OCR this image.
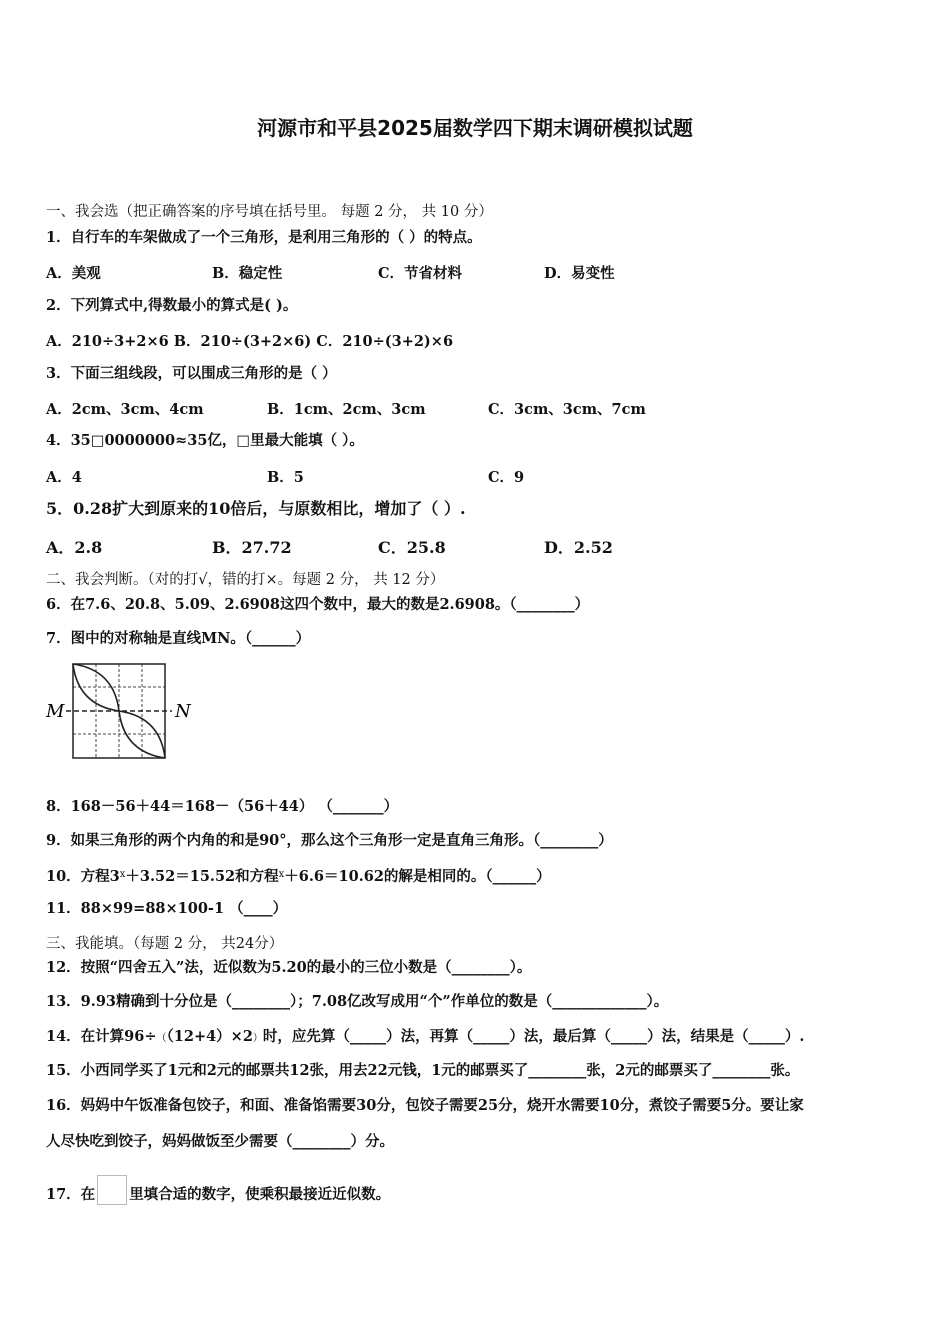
河源市和平县2025届数学四下期末调研模拟试题
一、我会选（把正确答案的序号填在括号里。 每题 2 分， 共 10 分）
1．自行车的车架做成了一个三角形，是利用三角形的（ ）的特点。
A．美观	B．稳定性	C．节省材料	D．易变性
2．下列算式中,得数最小的算式是( )。
A．210÷3+2×6 B．210÷(3+2×6) C．210÷(3+2)×6
3．下面三组线段，可以围成三角形的是（ ）
A．2cm、3cm、4cm	B．1cm、2cm、3cm	C．3cm、3cm、7cm
4．35□0000000≈35亿，□里最大能填（ ）。
A．4	B．5	C．9
5．0.28扩大到原来的10倍后，与原数相比，增加了（ ）.
A．2.8	B．27.72	C．25.8	D．2.52
二、我会判断。（对的打√，错的打×。每题 2 分， 共 12 分）
6．在7.6、20.8、5.09、2.6908这四个数中，最大的数是2.6908。（________）
7．图中的对称轴是直线MN。（______）
M	N
8．168－56＋44＝168－（56＋44） （_______）
9．如果三角形的两个内角的和是90°，那么这个三角形一定是直角三角形。（________）
10．方程$3^x+3.52=15.52$和方程$^x$＋6.6＝10.62的解是相同的。（______）
11．88×99=88×100-1 （____）
三、我能填。（每题 2 分， 共24分）
12．按照“四舍五入”法，近似数为5.20的最小的三位小数是（________）。
13．9.93精确到十分位是（________）；7.08亿改写成用“个”作单位的数是（_____________）。
14．在计算96÷（（12+4）×2）时，应先算（_____）法，再算（_____）法，最后算（_____）法，结果是（_____）.
15．小西同学买了1元和2元的邮票共12张，用去22元钱，1元的邮票买了________张，2元的邮票买了________张。
16．妈妈中午饭准备包饺子，和面、准备馅需要30分，包饺子需要25分，烧开水需要10分，煮饺子需要5分。要让家
人尽快吃到饺子，妈妈做饭至少需要（________）分。
17．在 里填合适的数字，使乘积最接近近似数。
